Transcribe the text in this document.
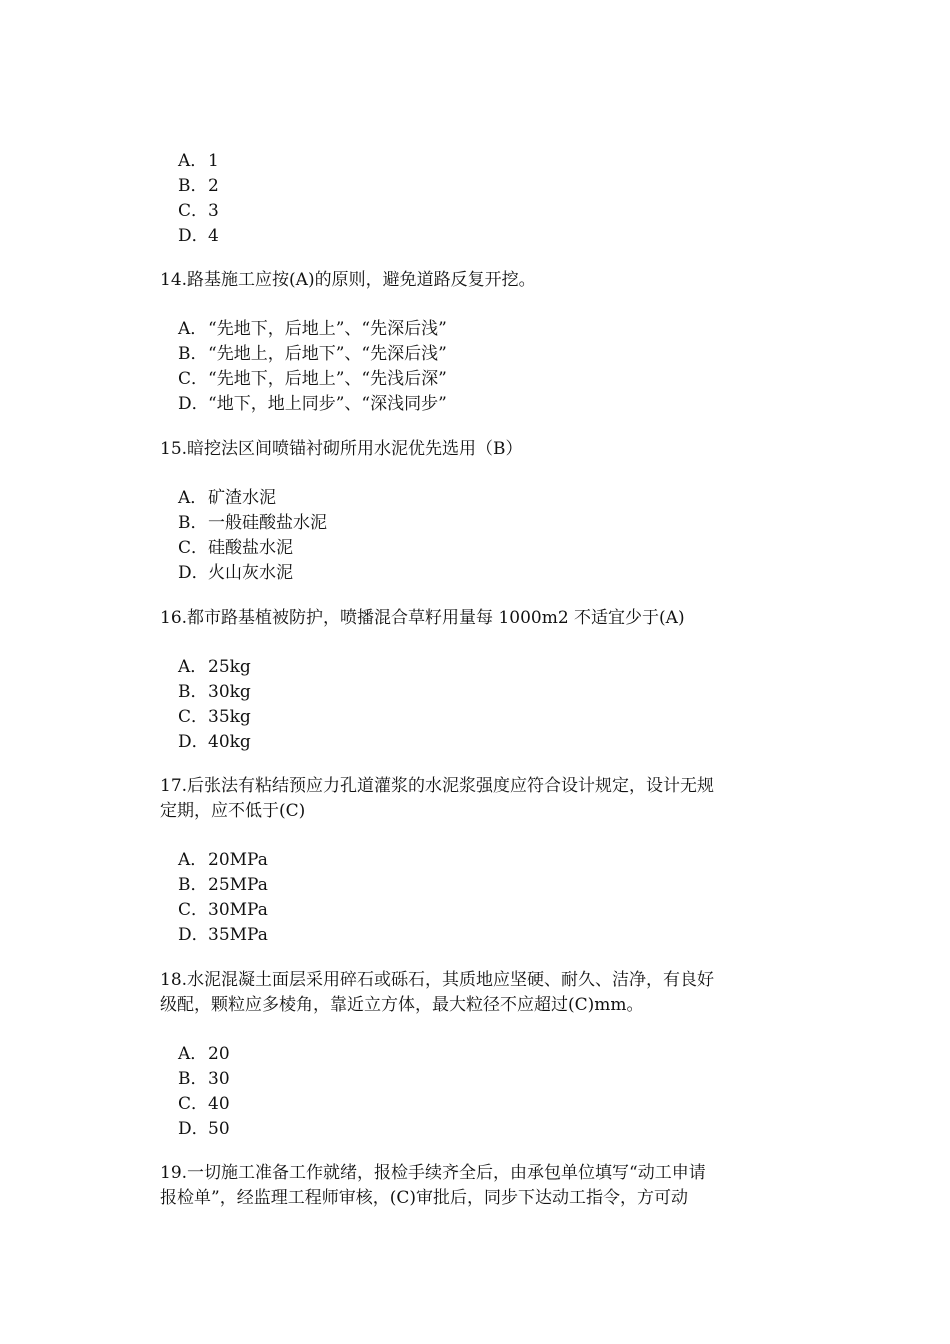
A．1
B．2
C．3
D．4
14.路基施工应按(A)的原则，避免道路反复开挖。
A．“先地下，后地上”、“先深后浅”
B．“先地上，后地下”、“先深后浅”
C．“先地下，后地上”、“先浅后深”
D．“地下，地上同步”、“深浅同步”
15.暗挖法区间喷锚衬砌所用水泥优先选用（B）
A．矿渣水泥
B．一般硅酸盐水泥
C．硅酸盐水泥
D．火山灰水泥
16.都市路基植被防护，喷播混合草籽用量每 1000m2 不适宜少于(A)
A．25kg
B．30kg
C．35kg
D．40kg
17.后张法有粘结预应力孔道灌浆的水泥浆强度应符合设计规定，设计无规
定期，应不低于(C)
A．20MPa
B．25MPa
C．30MPa
D．35MPa
18.水泥混凝土面层采用碎石或砾石，其质地应坚硬、耐久、洁净，有良好
级配，颗粒应多棱角，靠近立方体，最大粒径不应超过(C)mm。
A．20
B．30
C．40
D．50
19.一切施工准备工作就绪，报检手续齐全后，由承包单位填写“动工申请
报检单”，经监理工程师审核，(C)审批后，同步下达动工指令，方可动
